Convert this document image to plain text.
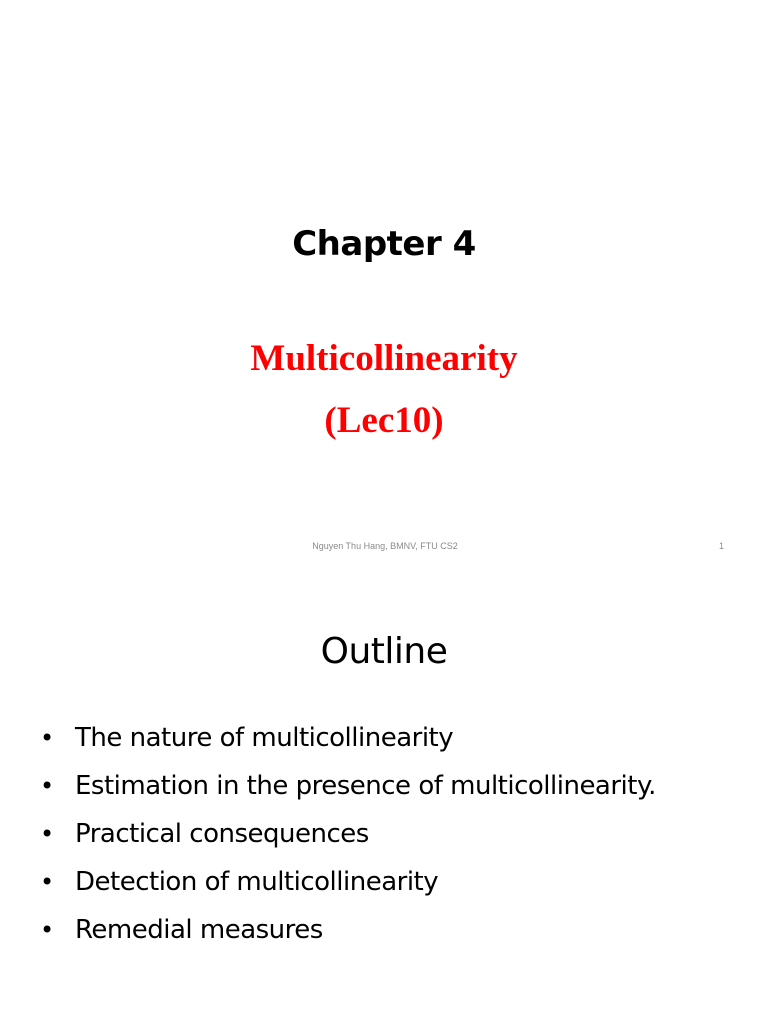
Chapter 4
Multicollinearity
(Lec10)
Nguyen Thu Hang, BMNV, FTU CS2	1
Outline
• The nature of multicollinearity
• Estimation in the presence of multicollinearity.
• Practical consequences
• Detection of multicollinearity
• Remedial measures
